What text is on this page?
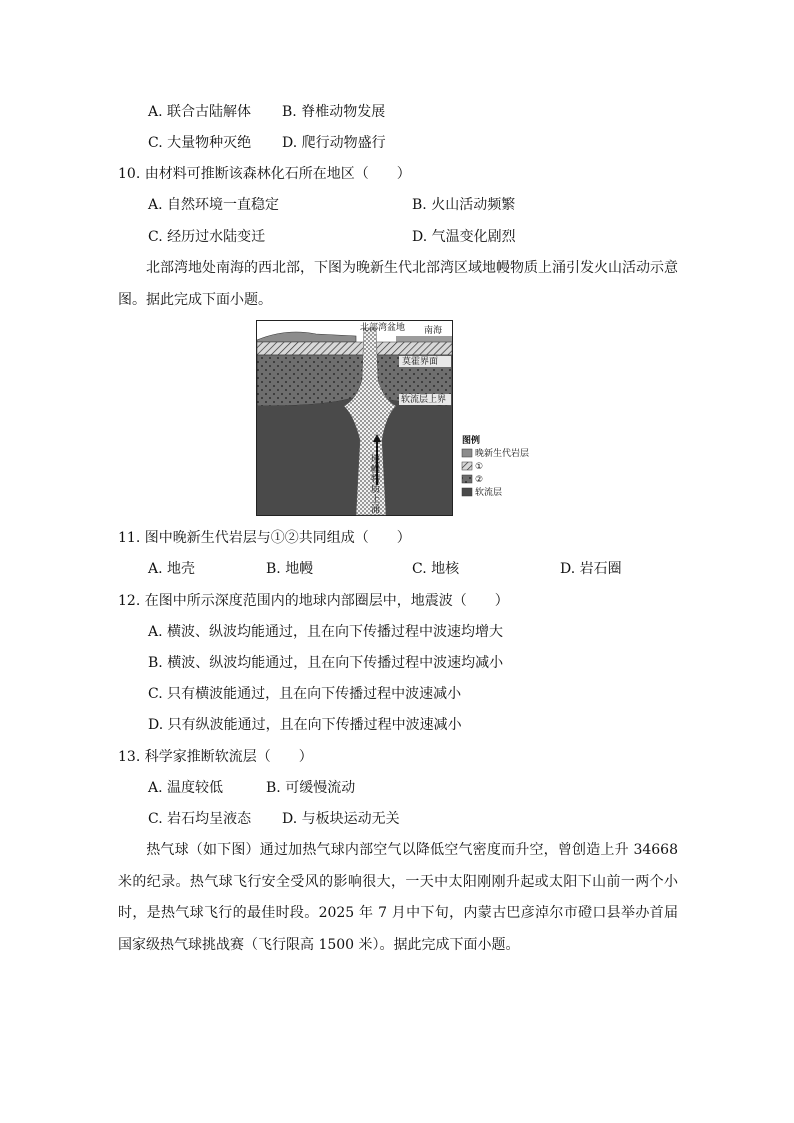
A. 联合古陆解体 B. 脊椎动物发展
C. 大量物种灭绝 D. 爬行动物盛行
10. 由材料可推断该森林化石所在地区（　　）
A. 自然环境一直稳定	B. 火山活动频繁
C. 经历过水陆变迁	D. 气温变化剧烈
北部湾地处南海的西北部，下图为晚新生代北部湾区域地幔物质上涌引发火山活动示意图。据此完成下面小题。
北部湾盆地 南海
莫霍界面
软流层上界
地幔物质上涌
图例
晚新生代岩层
①
②
软流层
11. 图中晚新生代岩层与①②共同组成（　　）
A. 地壳	B. 地幔	C. 地核	D. 岩石圈
12. 在图中所示深度范围内的地球内部圈层中，地震波（　　）
A. 横波、纵波均能通过，且在向下传播过程中波速均增大
B. 横波、纵波均能通过，且在向下传播过程中波速均减小
C. 只有横波能通过，且在向下传播过程中波速减小
D. 只有纵波能通过，且在向下传播过程中波速减小
13. 科学家推断软流层（　　）
A. 温度较低	B. 可缓慢流动
C. 岩石均呈液态 D. 与板块运动无关
热气球（如下图）通过加热气球内部空气以降低空气密度而升空，曾创造上升 34668 米的纪录。热气球飞行安全受风的影响很大，一天中太阳刚刚升起或太阳下山前一两个小时，是热气球飞行的最佳时段。2025 年 7 月中下旬，内蒙古巴彦淖尔市磴口县举办首届国家级热气球挑战赛（飞行限高 1500 米）。据此完成下面小题。
